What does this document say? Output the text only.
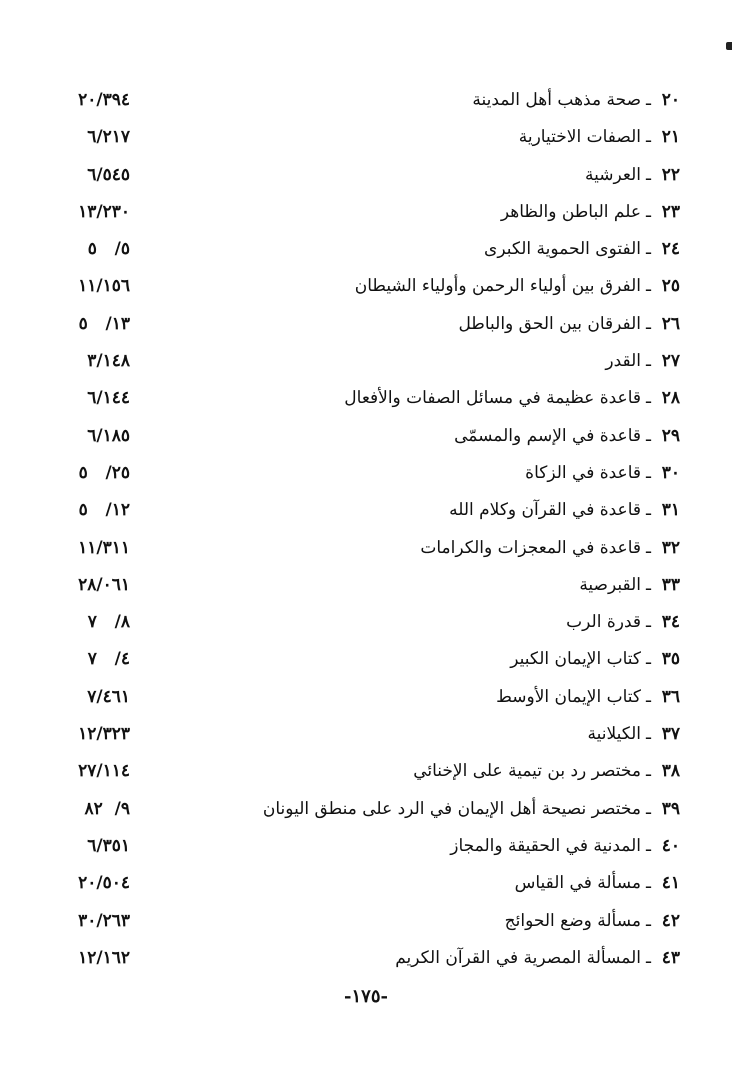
٢٠ـصحة مذهب أهل المدينة
٢٠/٣٩٤
٢١ـالصفات الاختيارية
٦/٢١٧
٢٢ـالعرشية
٦/٥٤٥
٢٣ـعلم الباطن والظاهر
١٣/٢٣٠
٢٤ـالفتوى الحموية الكبرى
٥/   ٥
٢٥ـالفرق بين أولياء الرحمن وأولياء الشيطان
١١/١٥٦
٢٦ـالفرقان بين الحق والباطل
١٣/   ٥
٢٧ـالقدر
٣/١٤٨
٢٨ـقاعدة عظيمة في مسائل الصفات والأفعال
٦/١٤٤
٢٩ـقاعدة في الإسم والمسمّى
٦/١٨٥
٣٠ـقاعدة في الزكاة
٢٥/   ٥
٣١ـقاعدة في القرآن وكلام الله
١٢/   ٥
٣٢ـقاعدة في المعجزات والكرامات
١١/٣١١
٣٣ـالقبرصية
٢٨/٠٦١
٣٤ـقدرة الرب
٨/   ٧
٣٥ـكتاب الإيمان الكبير
٤/   ٧
٣٦ـكتاب الإيمان الأوسط
٧/٤٦١
٣٧ـالكيلانية
١٢/٣٢٣
٣٨ـمختصر رد بن تيمية على الإخنائي
٢٧/١١٤
٣٩ـمختصر نصيحة أهل الإيمان في الرد على منطق اليونان
٩/  ٨٢
٤٠ـالمدنية في الحقيقة والمجاز
٦/٣٥١
٤١ـمسألة في القياس
٢٠/٥٠٤
٤٢ـمسألة وضع الحوائج
٣٠/٢٦٣
٤٣ـالمسألة المصرية في القرآن الكريم
١٢/١٦٢
-١٧٥-
